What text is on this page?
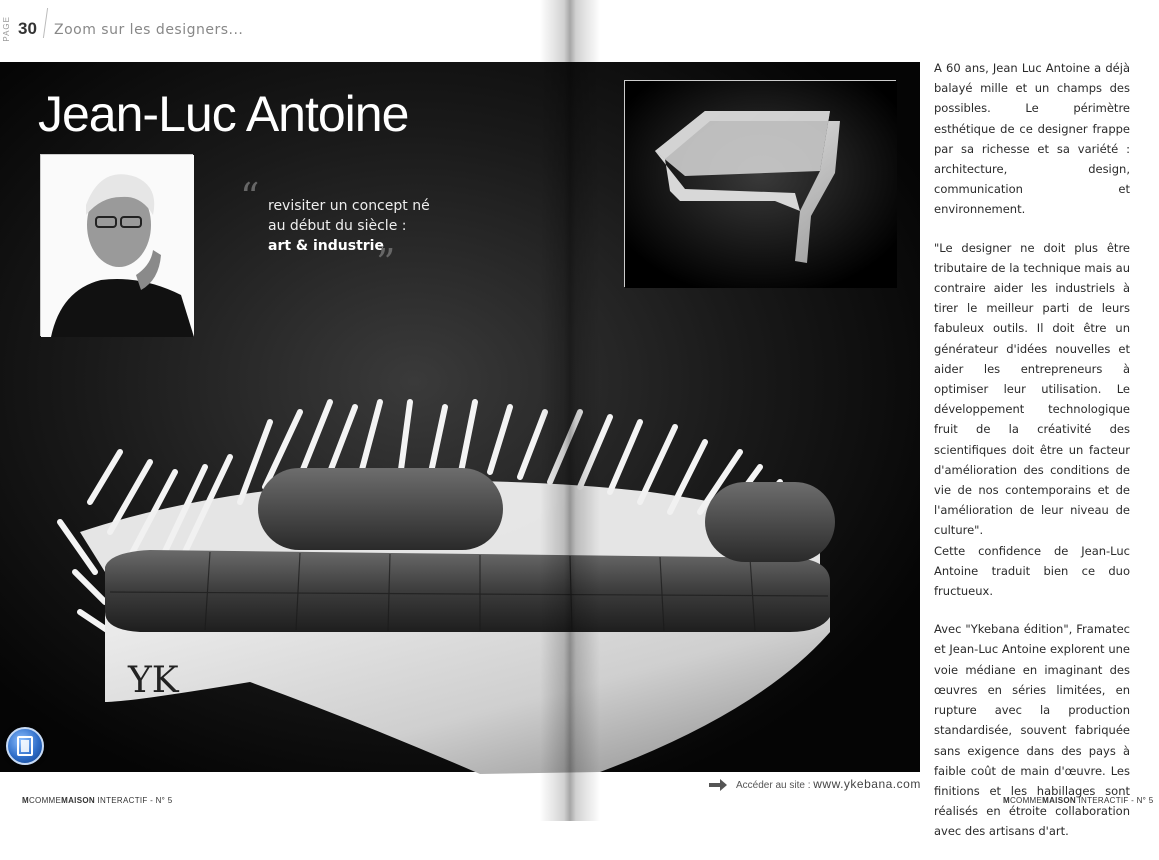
PAGE 30 Zoom sur les designers...
YK
Jean-Luc Antoine
“ revisiter un concept né
au début du siècle :
art & industrie
”

A 60 ans, Jean Luc Antoine a déjà balayé mille et un champs des possibles. Le périmètre esthétique de ce designer frappe par sa richesse et sa variété : architecture, design, communication et environnement.

"Le designer ne doit plus être tributaire de la technique mais au contraire aider les industriels à tirer le meilleur parti de leurs fabuleux outils. Il doit être un générateur d'idées nouvelles et aider les entrepreneurs à optimiser leur utilisation. Le développement technologique fruit de la créativité des scientifiques doit être un facteur d'amélioration des conditions de vie de nos contemporains et de l'amélioration de leur niveau de culture".

Cette confidence de Jean-Luc Antoine traduit bien ce duo fructueux.

Avec "Ykebana édition", Framatec et Jean-Luc Antoine explorent une voie médiane en imaginant des œuvres en séries limitées, en rupture avec la production standardisée, souvent fabriquée sans exigence dans des pays à faible coût de main d'œuvre. Les finitions et les habillages sont réalisés en étroite collaboration avec des artisans d'art.

Accéder au site : www.ykebana.com
MCOMMEMAISON INTERACTIF - N° 5	MCOMMEMAISON INTERACTIF - N° 5
